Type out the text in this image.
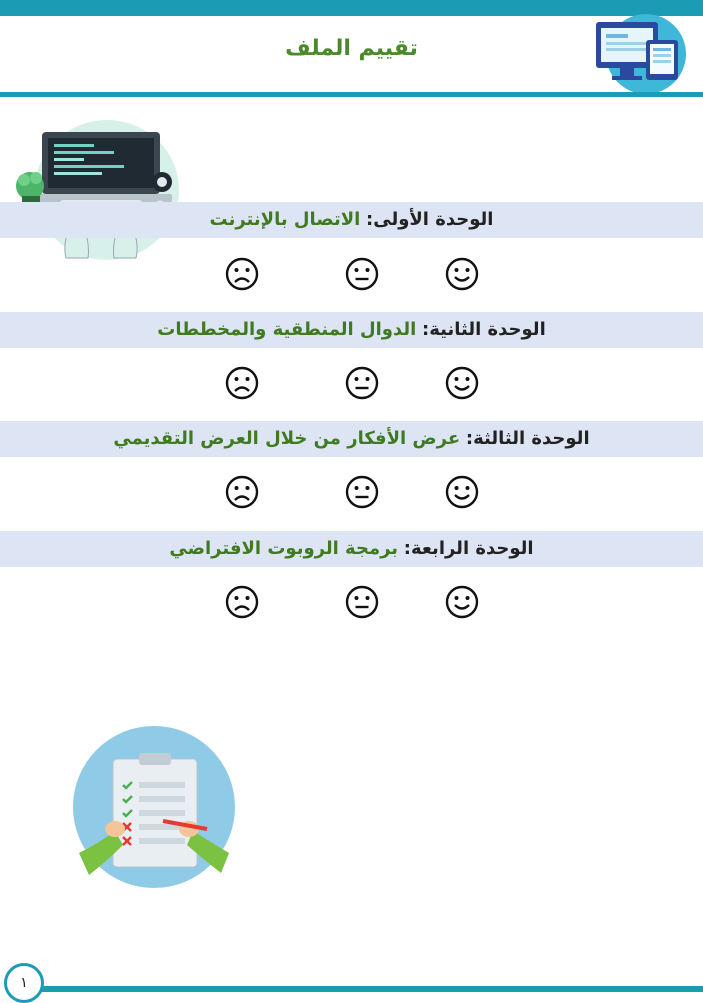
تقييم الملف
الوحدة الأولى: الاتصال بالإنترنت
الوحدة الثانية: الدوال المنطقية والمخططات
الوحدة الثالثة: عرض الأفكار من خلال العرض التقديمي
الوحدة الرابعة: برمجة الروبوت الافتراضي
١
